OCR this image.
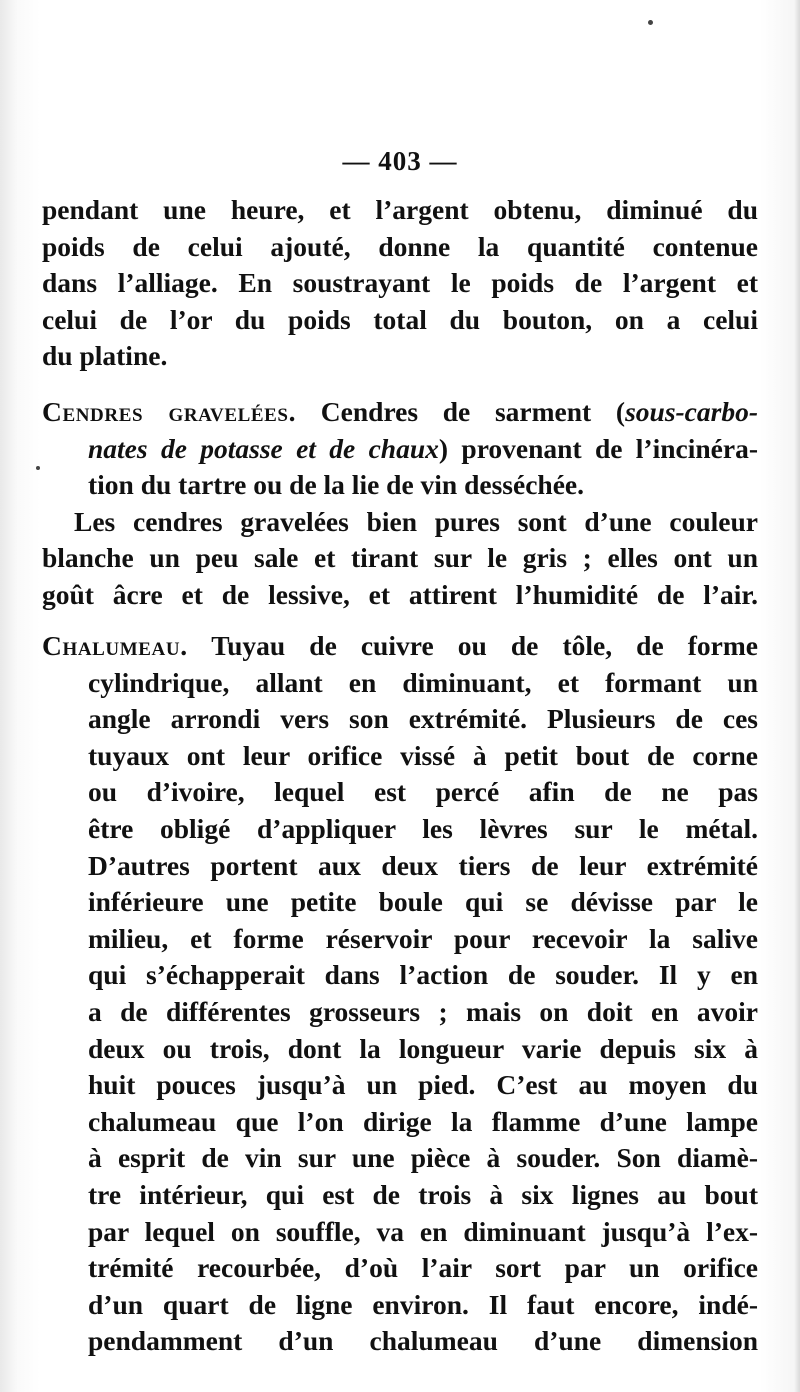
— 403 —
pendant une heure, et l’argent obtenu, diminué du
poids de celui ajouté, donne la quantité contenue
dans l’alliage. En soustrayant le poids de l’argent et
celui de l’or du poids total du bouton, on a celui
du platine.
Cendres gravelées. Cendres de sarment (sous-carbo-
nates de potasse et de chaux) provenant de l’incinéra-
tion du tartre ou de la lie de vin desséchée.
Les cendres gravelées bien pures sont d’une couleur
blanche un peu sale et tirant sur le gris ; elles ont un
goût âcre et de lessive, et attirent l’humidité de l’air.
Chalumeau. Tuyau de cuivre ou de tôle, de forme
cylindrique, allant en diminuant, et formant un
angle arrondi vers son extrémité. Plusieurs de ces
tuyaux ont leur orifice vissé à petit bout de corne
ou d’ivoire, lequel est percé afin de ne pas
être obligé d’appliquer les lèvres sur le métal.
D’autres portent aux deux tiers de leur extrémité
inférieure une petite boule qui se dévisse par le
milieu, et forme réservoir pour recevoir la salive
qui s’échapperait dans l’action de souder. Il y en
a de différentes grosseurs ; mais on doit en avoir
deux ou trois, dont la longueur varie depuis six à
huit pouces jusqu’à un pied. C’est au moyen du
chalumeau que l’on dirige la flamme d’une lampe
à esprit de vin sur une pièce à souder. Son diamè-
tre intérieur, qui est de trois à six lignes au bout
par lequel on souffle, va en diminuant jusqu’à l’ex-
trémité recourbée, d’où l’air sort par un orifice
d’un quart de ligne environ. Il faut encore, indé-
pendamment d’un chalumeau d’une dimension
